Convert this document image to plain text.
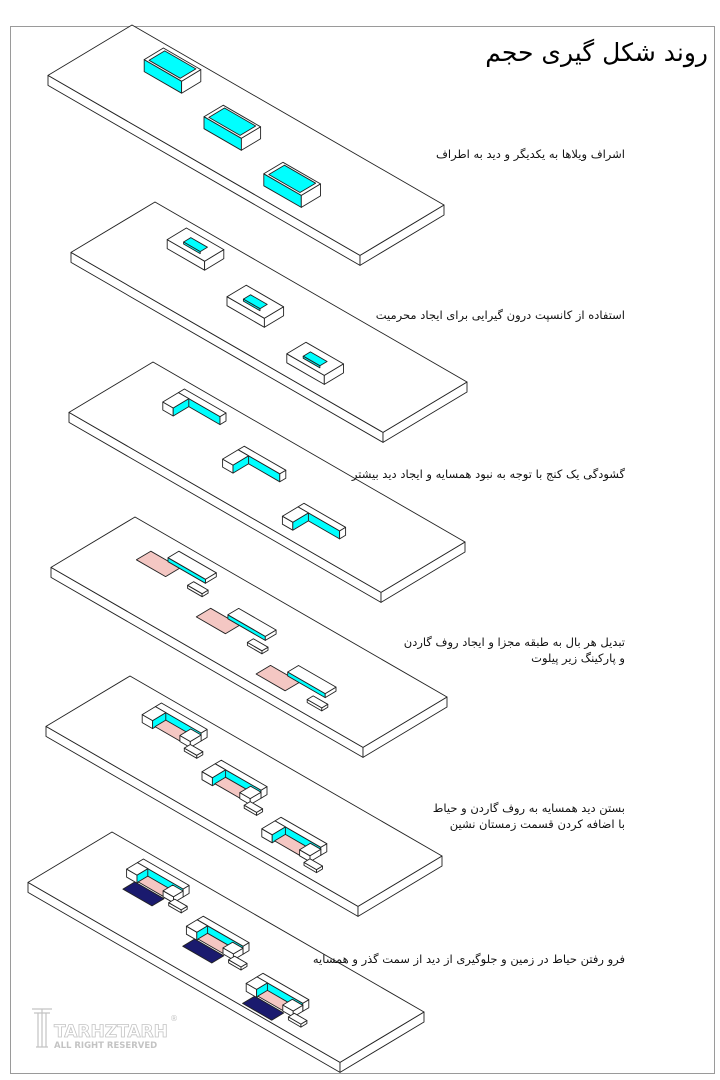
روند شکل گیری حجم
اشراف ویلاها به یکدیگر و دید به اطراف
استفاده از کانسپت درون گیرایی برای ایجاد محرمیت
گشودگی یک کنج با توجه به نبود همسایه و ایجاد دید بیشتر
تبدیل هر بال به طبقه مجزا و ایجاد روف گاردن
و پارکینگ زیر پیلوت
بستن دید همسایه به روف گاردن و حیاط
با اضافه کردن قسمت زمستان نشین
فرو رفتن حیاط در زمین و جلوگیری از دید از سمت گذر و همسایه
TARHZTARH
ALL RIGHT RESERVED
®
